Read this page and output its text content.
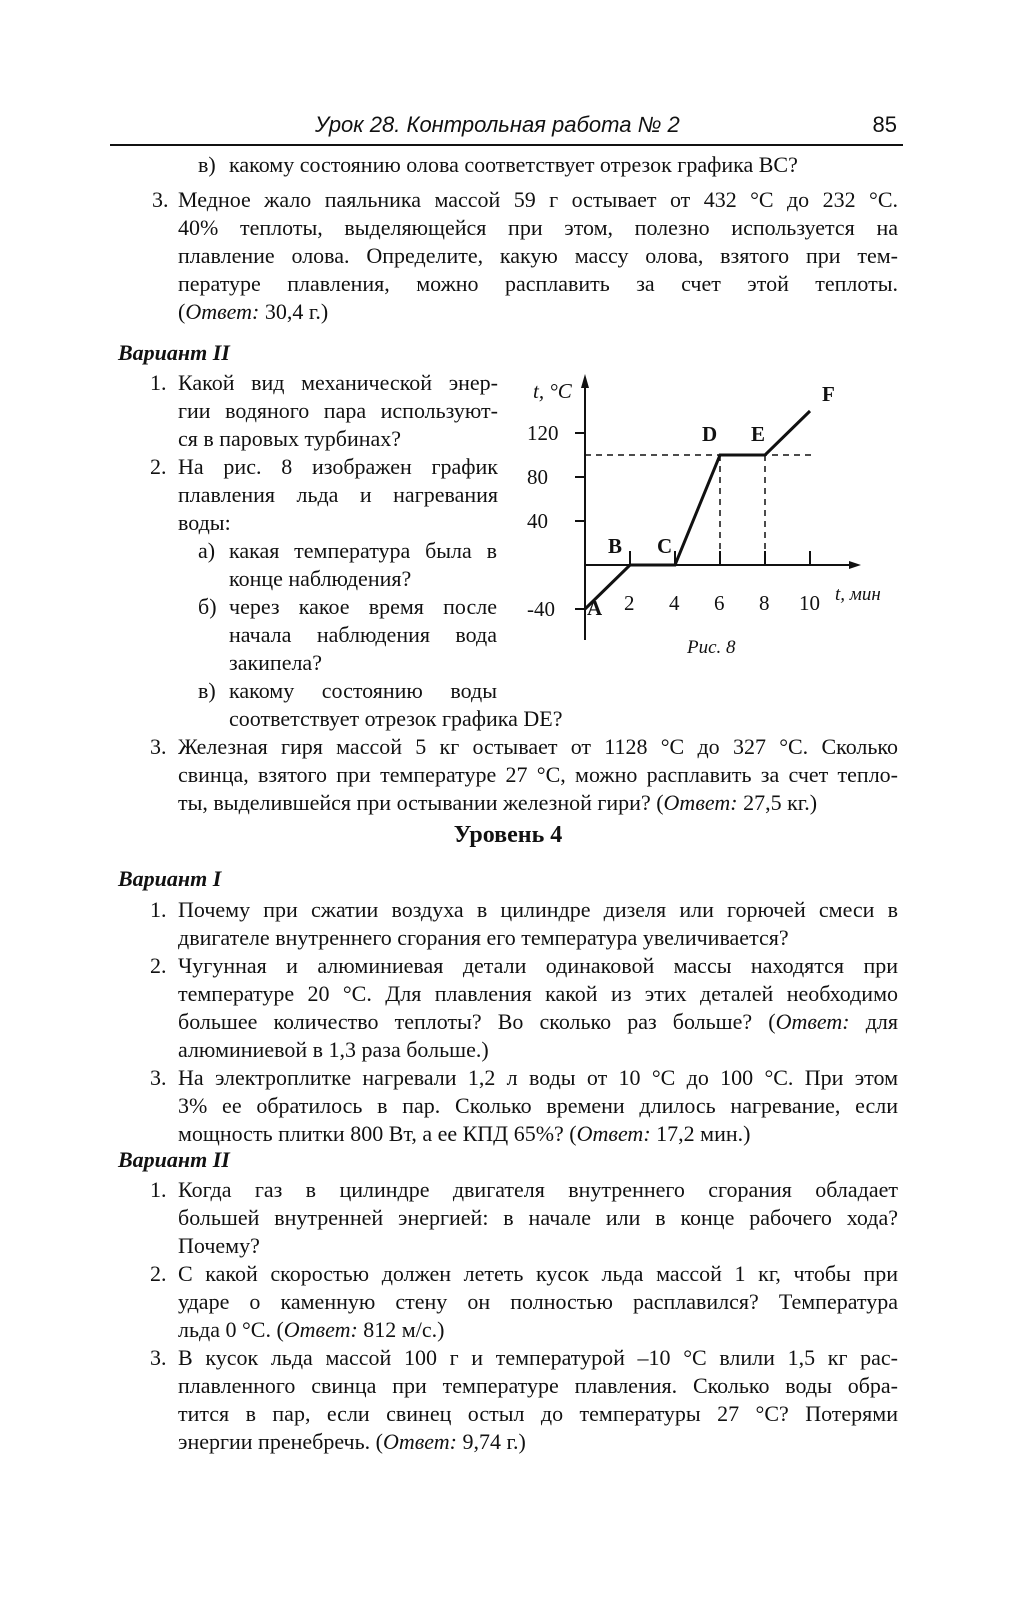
Урок 28. Контрольная работа № 2	85
в) какому состоянию олова соответствует отрезок графика ВС?
3. Медное жало паяльника массой 59 г остывает от 432 °С до 232 °С.
40% теплоты, выделяющейся при этом, полезно используется на
плавление олова. Определите, какую массу олова, взятого при тем-
пературе плавления, можно расплавить за счет этой теплоты.
(Ответ: 30,4 г.)
Вариант II
1. Какой вид механической энер-
гии водяного пара используют-
ся в паровых турбинах?
2. На рис. 8 изображен график
плавления льда и нагревания
воды:
а) какая температура была в
конце наблюдения?
б) через какое время после
начала наблюдения вода
закипела?
в) какому состоянию воды
соответствует отрезок графика DE?
3. Железная гиря массой 5 кг остывает от 1128 °С до 327 °С. Сколько
свинца, взятого при температуре 27 °С, можно расплавить за счет тепло-
ты, выделившейся при остывании железной гири? (Ответ: 27,5 кг.)
t, °C
t, мин
120
80
40
-40	2 4 6 8 10
A
B C
D E
F
Рис. 8
Уровень 4
Вариант I
1. Почему при сжатии воздуха в цилиндре дизеля или горючей смеси в
двигателе внутреннего сгорания его температура увеличивается?
2. Чугунная и алюминиевая детали одинаковой массы находятся при
температуре 20 °С. Для плавления какой из этих деталей необходимо
большее количество теплоты? Во сколько раз больше? (Ответ: для
алюминиевой в 1,3 раза больше.)
3. На электроплитке нагревали 1,2 л воды от 10 °С до 100 °С. При этом
3% ее обратилось в пар. Сколько времени длилось нагревание, если
мощность плитки 800 Вт, а ее КПД 65%? (Ответ: 17,2 мин.)
Вариант II
1. Когда газ в цилиндре двигателя внутреннего сгорания обладает
большей внутренней энергией: в начале или в конце рабочего хода?
Почему?
2. С какой скоростью должен лететь кусок льда массой 1 кг, чтобы при
ударе о каменную стену он полностью расплавился? Температура
льда 0 °С. (Ответ: 812 м/с.)
3. В кусок льда массой 100 г и температурой –10 °С влили 1,5 кг рас-
плавленного свинца при температуре плавления. Сколько воды обра-
тится в пар, если свинец остыл до температуры 27 °С? Потерями
энергии пренебречь. (Ответ: 9,74 г.)
